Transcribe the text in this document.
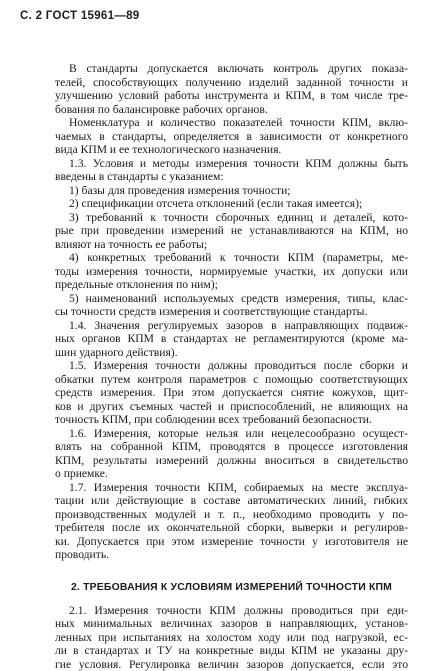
С. 2 ГОСТ 15961—89
В стандарты допускается включать контроль других показа-
телей, способствующих получению изделий заданной точности и
улучшению условий работы инструмента и КПМ, в том числе тре-
бования по балансировке рабочих органов.
Номенклатура и количество показателей точности КПМ, вклю-
чаемых в стандарты, определяется в зависимости от конкретного
вида КПМ и ее технологического назначения.
1.3. Условия и методы измерения точности КПМ должны быть
введены в стандарты с указанием:
1) базы для проведения измерения точности;
2) спецификации отсчета отклонений (если такая имеется);
3) требований к точности сборочных единиц и деталей, кото-
рые при проведении измерений не устанавливаются на КПМ, но
влияют на точность ее работы;
4) конкретных требований к точности КПМ (параметры, ме-
тоды измерения точности, нормируемые участки, их допуски или
предельные отклонения по ним);
5) наименований используемых средств измерения, типы, клас-
сы точности средств измерения и соответствующие стандарты.
1.4. Значения регулируемых зазоров в направляющих подвиж-
ных органов КПМ в стандартах не регламентируются (кроме ма-
шин ударного действия).
1.5. Измерения точности должны проводиться после сборки и
обкатки путем контроля параметров с помощью соответствующих
средств измерения. При этом допускается снятие кожухов, щит-
ков и других съемных частей и приспособлений, не влияющих на
точность КПМ, при соблюдении всех требований безопасности.
1.6. Измерения, которые нельзя или нецелесообразно осущест-
влять на собранной КПМ, проводятся в процессе изготовления
КПМ, результаты измерений должны вноситься в свидетельство
о приемке.
1.7. Измерения точности КПМ, собираемых на месте эксплуа-
тации или действующие в составе автоматических линий, гибких
производственных модулей и т. п., необходимо проводить у по-
требителя после их окончательной сборки, выверки и регулиров-
ки. Допускается при этом измерение точности у изготовителя не
проводить.
2. ТРЕБОВАНИЯ К УСЛОВИЯМ ИЗМЕРЕНИЙ ТОЧНОСТИ КПМ
2.1. Измерения точности КПМ должны проводиться при еди-
ных минимальных величинах зазоров в направляющих, установ-
ленных при испытаниях на холостом ходу или под нагрузкой, ес-
ли в стандартах и ТУ на конкретные виды КПМ не указаны дру-
гие условия. Регулировка величин зазоров допускается, если это
